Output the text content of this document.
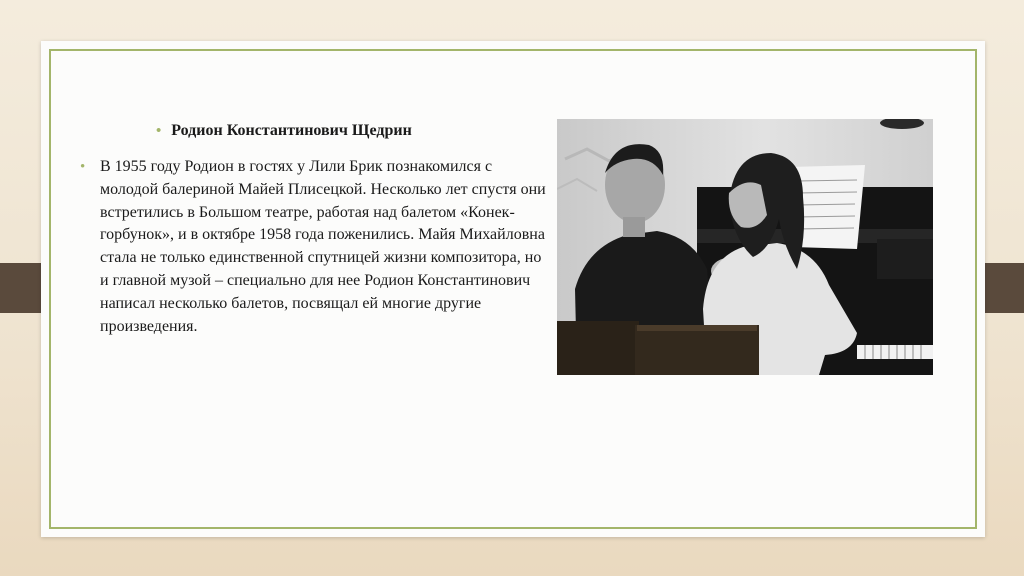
• Родион Константинович Щедрин
• В 1955 году Родион в гостях у Лили Брик познакомился с молодой балериной Майей Плисецкой. Несколько лет спустя они встретились в Большом театре, работая над балетом «Конек-горбунок», и в октябре 1958 года поженились. Майя Михайловна стала не только единственной спутницей жизни композитора, но и главной музой – специально для нее Родион Константинович написал несколько балетов, посвящал ей многие другие произведения.
